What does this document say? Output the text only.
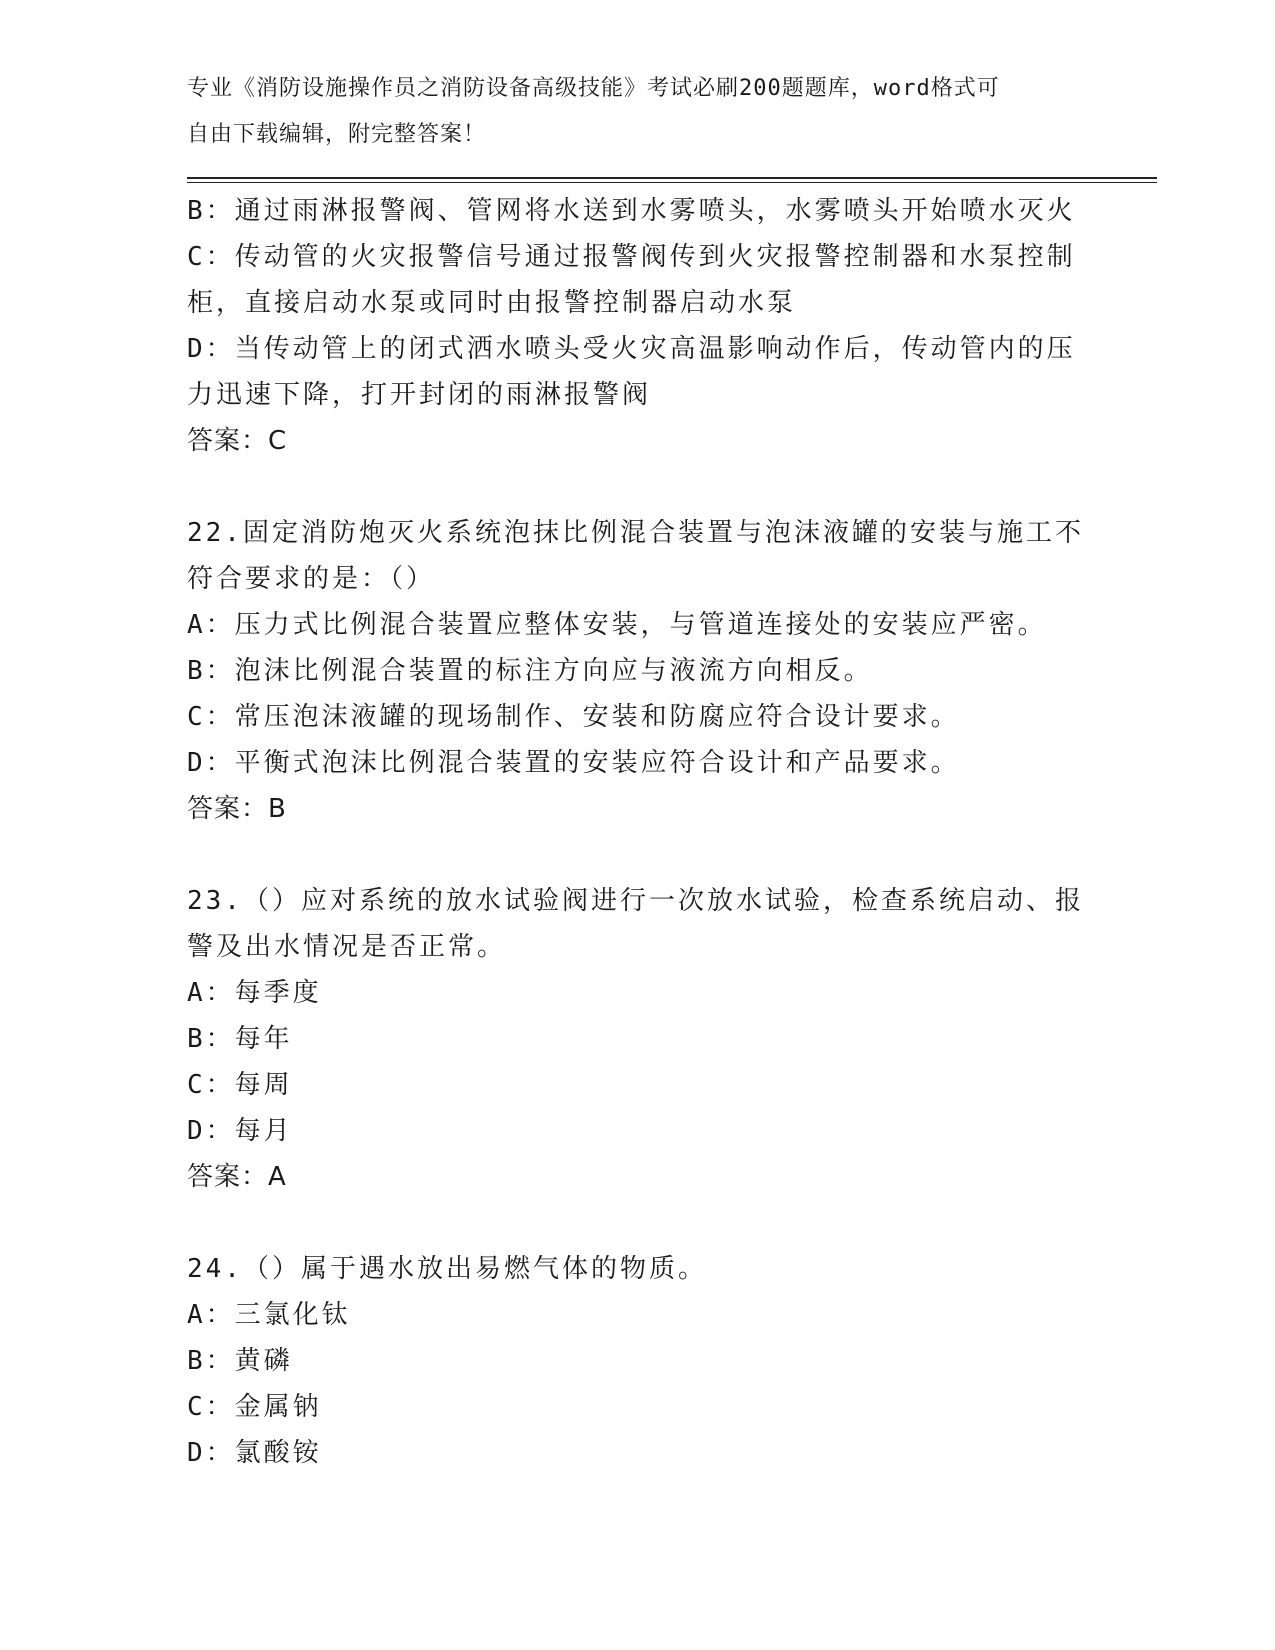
专业《消防设施操作员之消防设备高级技能》考试必刷200题题库，word格式可
自由下载编辑，附完整答案！
B：通过雨淋报警阀、管网将水送到水雾喷头，水雾喷头开始喷水灭火
C：传动管的火灾报警信号通过报警阀传到火灾报警控制器和水泵控制
柜，直接启动水泵或同时由报警控制器启动水泵
D：当传动管上的闭式洒水喷头受火灾高温影响动作后，传动管内的压
力迅速下降，打开封闭的雨淋报警阀
答案：C
22.固定消防炮灭火系统泡抹比例混合装置与泡沫液罐的安装与施工不
符合要求的是：（）
A：压力式比例混合装置应整体安装，与管道连接处的安装应严密。
B：泡沫比例混合装置的标注方向应与液流方向相反。
C：常压泡沫液罐的现场制作、安装和防腐应符合设计要求。
D：平衡式泡沫比例混合装置的安装应符合设计和产品要求。
答案：B
23.（）应对系统的放水试验阀进行一次放水试验，检查系统启动、报
警及出水情况是否正常。
A：每季度
B：每年
C：每周
D：每月
答案：A
24.（）属于遇水放出易燃气体的物质。
A：三氯化钛
B：黄磷
C：金属钠
D：氯酸铵
